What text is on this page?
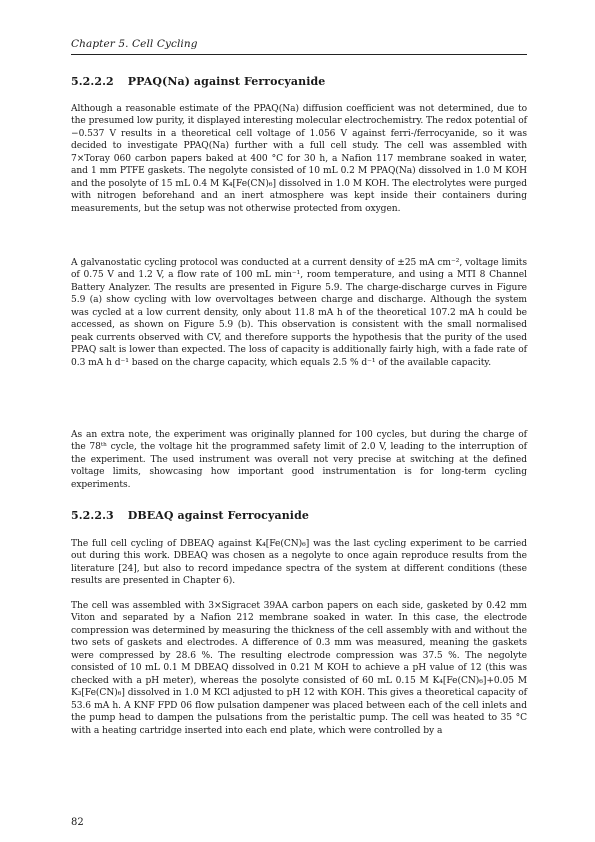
Chapter 5. Cell Cycling
5.2.2.2 PPAQ(Na) against Ferrocyanide

Although a reasonable estimate of the PPAQ(Na) diffusion coefficient was not determined, due to the presumed low purity, it displayed interesting molecular electrochemistry. The redox potential of −0.537 V results in a theoretical cell voltage of 1.056 V against ferri-/ferrocyanide, so it was decided to investigate PPAQ(Na) further with a full cell study. The cell was assembled with 7×Toray 060 carbon papers baked at 400 °C for 30 h, a Nafion 117 membrane soaked in water, and 1 mm PTFE gaskets. The negolyte consisted of 10 mL 0.2 M PPAQ(Na) dissolved in 1.0 M KOH and the posolyte of 15 mL 0.4 M K₄[Fe(CN)₆] dissolved in 1.0 M KOH. The electrolytes were purged with nitrogen beforehand and an inert atmosphere was kept inside their containers during measurements, but the setup was not otherwise protected from oxygen.

A galvanostatic cycling protocol was conducted at a current density of ±25 mA cm⁻², voltage limits of 0.75 V and 1.2 V, a flow rate of 100 mL min⁻¹, room temperature, and using a MTI 8 Channel Battery Analyzer. The results are presented in Figure 5.9. The charge-discharge curves in Figure 5.9 (a) show cycling with low overvoltages between charge and discharge. Although the system was cycled at a low current density, only about 11.8 mA h of the theoretical 107.2 mA h could be accessed, as shown on Figure 5.9 (b). This observation is consistent with the small normalised peak currents observed with CV, and therefore supports the hypothesis that the purity of the used PPAQ salt is lower than expected. The loss of capacity is additionally fairly high, with a fade rate of 0.3 mA h d⁻¹ based on the charge capacity, which equals 2.5 % d⁻¹ of the available capacity.

As an extra note, the experiment was originally planned for 100 cycles, but during the charge of the 78ᵗʰ cycle, the voltage hit the programmed safety limit of 2.0 V, leading to the interruption of the experiment. The used instrument was overall not very precise at switching at the defined voltage limits, showcasing how important good instrumentation is for long-term cycling experiments.

5.2.2.3 DBEAQ against Ferrocyanide

The full cell cycling of DBEAQ against K₄[Fe(CN)₆] was the last cycling experiment to be carried out during this work. DBEAQ was chosen as a negolyte to once again reproduce results from the literature [24], but also to record impedance spectra of the system at different conditions (these results are presented in Chapter 6).

The cell was assembled with 3×Sigracet 39AA carbon papers on each side, gasketed by 0.42 mm Viton and separated by a Nafion 212 membrane soaked in water. In this case, the electrode compression was determined by measuring the thickness of the cell assembly with and without the two sets of gaskets and electrodes. A difference of 0.3 mm was measured, meaning the gaskets were compressed by 28.6 %. The resulting electrode compression was 37.5 %. The negolyte consisted of 10 mL 0.1 M DBEAQ dissolved in 0.21 M KOH to achieve a pH value of 12 (this was checked with a pH meter), whereas the posolyte consisted of 60 mL 0.15 M K₄[Fe(CN)₆]+0.05 M K₃[Fe(CN)₆] dissolved in 1.0 M KCl adjusted to pH 12 with KOH. This gives a theoretical capacity of 53.6 mA h. A KNF FPD 06 flow pulsation dampener was placed between each of the cell inlets and the pump head to dampen the pulsations from the peristaltic pump. The cell was heated to 35 °C with a heating cartridge inserted into each end plate, which were controlled by a

82
